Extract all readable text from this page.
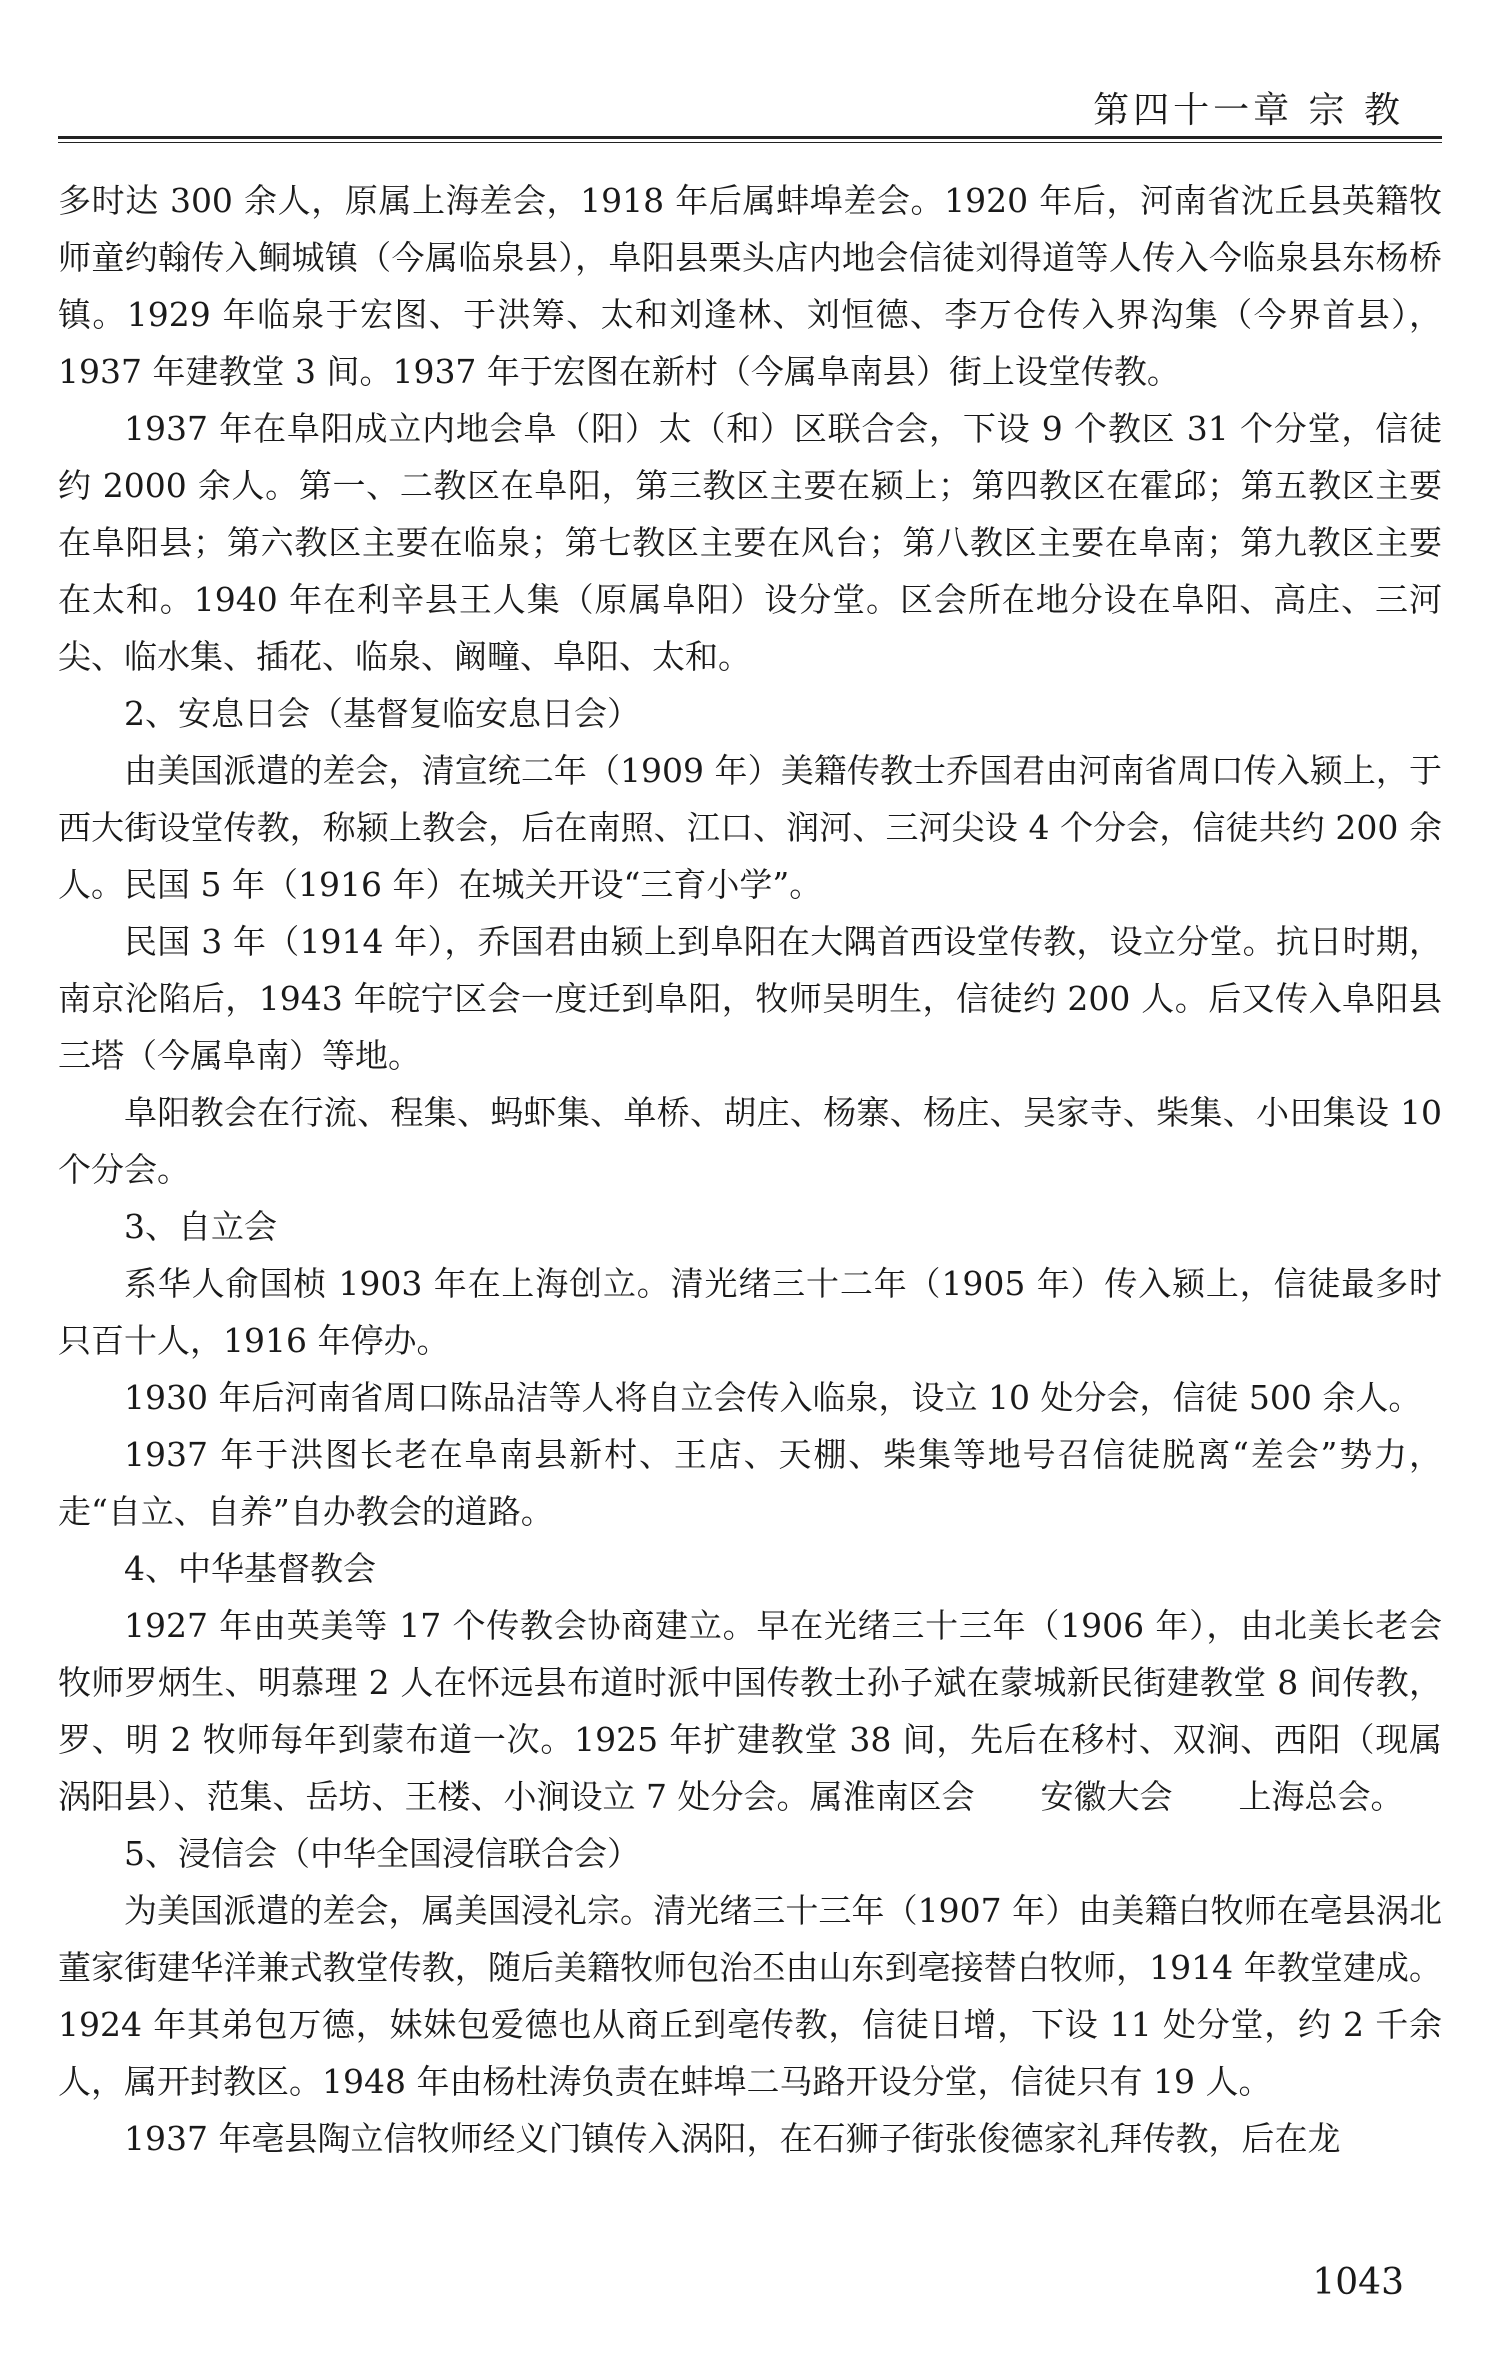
第四十一章 宗 教

多时达 300 余人，原属上海差会，1918 年后属蚌埠差会。1920 年后，河南省沈丘县英籍牧师童约翰传入鲖城镇（今属临泉县），阜阳县栗头店内地会信徒刘得道等人传入今临泉县东杨桥镇。1929 年临泉于宏图、于洪筹、太和刘逢林、刘恒德、李万仓传入界沟集（今界首县），1937 年建教堂 3 间。1937 年于宏图在新村（今属阜南县）街上设堂传教。

1937 年在阜阳成立内地会阜（阳）太（和）区联合会，下设 9 个教区 31 个分堂，信徒约 2000 余人。第一、二教区在阜阳，第三教区主要在颍上；第四教区在霍邱；第五教区主要在阜阳县；第六教区主要在临泉；第七教区主要在风台；第八教区主要在阜南；第九教区主要在太和。1940 年在利辛县王人集（原属阜阳）设分堂。区会所在地分设在阜阳、高庄、三河尖、临水集、插花、临泉、阚疃、阜阳、太和。

2、安息日会（基督复临安息日会）

由美国派遣的差会，清宣统二年（1909 年）美籍传教士乔国君由河南省周口传入颍上，于西大街设堂传教，称颍上教会，后在南照、江口、润河、三河尖设 4 个分会，信徒共约 200 余人。民国 5 年（1916 年）在城关开设“三育小学”。

民国 3 年（1914 年），乔国君由颍上到阜阳在大隅首西设堂传教，设立分堂。抗日时期，南京沦陷后，1943 年皖宁区会一度迁到阜阳，牧师吴明生，信徒约 200 人。后又传入阜阳县三塔（今属阜南）等地。

阜阳教会在行流、程集、蚂虾集、单桥、胡庄、杨寨、杨庄、吴家寺、柴集、小田集设 10 个分会。

3、自立会

系华人俞国桢 1903 年在上海创立。清光绪三十二年（1905 年）传入颍上，信徒最多时只百十人，1916 年停办。

1930 年后河南省周口陈品洁等人将自立会传入临泉，设立 10 处分会，信徒 500 余人。

1937 年于洪图长老在阜南县新村、王店、天棚、柴集等地号召信徒脱离“差会”势力，走“自立、自养”自办教会的道路。

4、中华基督教会

1927 年由英美等 17 个传教会协商建立。早在光绪三十三年（1906 年），由北美长老会牧师罗炳生、明慕理 2 人在怀远县布道时派中国传教士孙子斌在蒙城新民街建教堂 8 间传教，罗、明 2 牧师每年到蒙布道一次。1925 年扩建教堂 38 间，先后在移村、双涧、西阳（现属涡阳县）、范集、岳坊、王楼、小涧设立 7 处分会。属淮南区会　　安徽大会　　上海总会。

5、浸信会（中华全国浸信联合会）

为美国派遣的差会，属美国浸礼宗。清光绪三十三年（1907 年）由美籍白牧师在亳县涡北董家街建华洋兼式教堂传教，随后美籍牧师包治丕由山东到亳接替白牧师，1914 年教堂建成。1924 年其弟包万德，妹妹包爱德也从商丘到亳传教，信徒日增，下设 11 处分堂，约 2 千余人，属开封教区。1948 年由杨杜涛负责在蚌埠二马路开设分堂，信徒只有 19 人。

1937 年亳县陶立信牧师经义门镇传入涡阳，在石狮子街张俊德家礼拜传教，后在龙

1043
